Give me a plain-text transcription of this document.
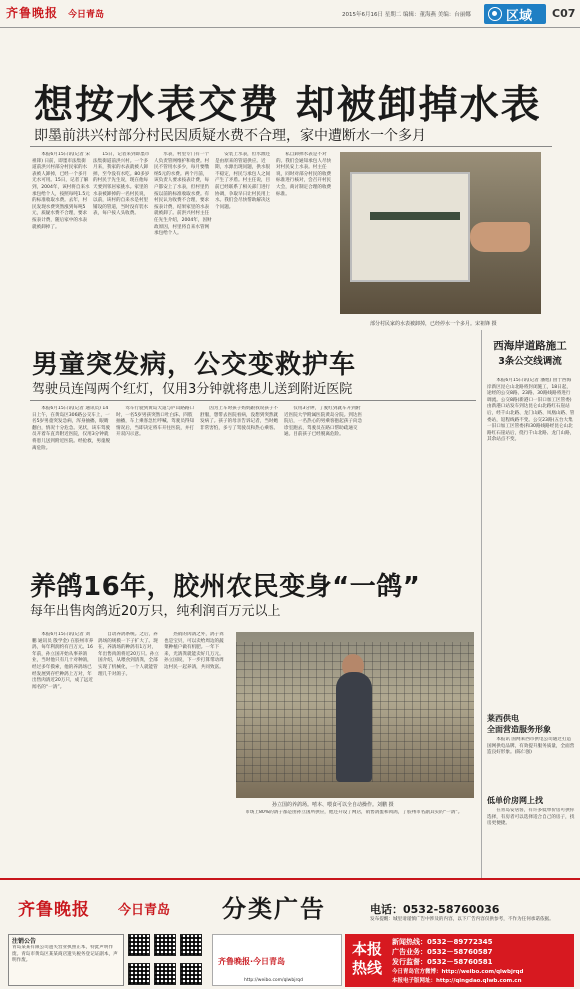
齐鲁晚报 今日青岛	2015年6月16日 星期二 编辑：董海燕 美编：台丽娜	区域 C07
想按水表交费 却被卸掉水表
即墨前洪兴村部分村民因质疑水费不合理，家中遭断水一个多月

本报6月15日讯(记者 宋祖锋) 日前，即墨市法集街道前洪兴村部分村民家的水表被人卸掉，已经一个多月无水可用。15日，记者了解到，2004年，该村将自来水承包给个人，按照每吨1.5元的标准收取水费。去年，村民发现水费突然涨到每吨5元，质疑水费不合理，要求按表计费，随后家中的水表就被卸掉了。

15日，记者来到即墨市法集街道前洪兴村。一个多月来，我家的水表就被人卸掉，至今没有水吃。80多岁的村民于先生说，现在他每天要到邻居家挑水。家里的水表被卸掉的一名村民说，以前，该村的自来水是村里铺设的管道，当时没有装水表，每户按人头收费。

水表，村里专门有一个人负责管网维护和收费。村民不管用水多少，每月要缴纳5元的水费。两个月前，该负责人要求按表计费，每户都安上了水表，但村里仍按以前的标准收取水费。有村民认为收费不合理，要求按表计费，结果家里的水表就被卸了。前洪兴村村主任任先生介绍，2004年，因财政原因，村里将自来水管网承包给个人。

安装上水表，但水源还是由原来的管道供应。近期，水源出现问题，供水很不稳定，村民与承包人之间产生了矛盾。村主任说，目前已经联系了相关部门进行协调，争取早日让村民用上水。我们会尽快帮助解决这个问题。

私自卸掉水表是不对的。我们会通知承包人尽快对村民安上水表。村主任说，同时对部分村民的收费标准进行核对，会召开村民大会，商讨制定合理的收费标准。

部分村民家的水表被卸掉，已经停水一个多月。宋祖锋 摄
男童突发病，公交变救护车
驾驶员连闯两个红灯，仅用3分钟就将患儿送到附近医院

本报6月15日讯(记者 通讯员) 14日上午，在黄岛区306路公交车上，一名5岁男童突发急病，浑身抽搐，眼睛翻白，情况十分危急。见状，该车驾驶员开着车直奔附近医院，仅用3分钟就将患儿送到附近医院。经抢救，男童脱离危险。

驾车行驶到黄岛大道与庐山路路口时，一名5岁男孩突然口吐白沫、四肢抽搐，车上乘客急忙呼喊。驾驶员得知情况后，当即决定将车开往医院，并打开双闪示意。

因为上车时孩子妈妈跟我说孩子不舒服，想带去医院看病，没想到突然就发病了。孩子的母亲告诉记者，当时她非常害怕，多亏了驾驶员和热心乘客。

仅用3分钟，了驶红到就车开到附近医院大学附属医院黄岛分院。到达医院后，一名热心的男乘客抱起孩子向急诊室跑去，驾驶员在路口帮助疏通交通。目前孩子已经脱离危险。

西海岸道路施工
3条公交线调流

本报6月15日讯(记者 潘旭) 由于西海岸新区昆仑山北路将封闭施工，18日起，途经的公交8路、23路、30路线路将进行调流。公交8路(新港口一旧口加工区管委)由新港口站发车到达昆仑山北路红石崖站后，经千山北路、龙门山路、凤凰山路、管委站，返程线路不变。公交23路(五台大集一旧口加工区管委)和30路线路经昆仑山北路红石崖站后，绕行千山北路、龙门山路，其余站点不变。

莱西供电
全面营造服务形象

本报讯 国网莱西市供电公司通过打造国网供电品牌，有效提升服务质量，全面营造良好形象。(陈仁强)

低单价房网上找

在青岛安居客，有许多低单价房可供你选择，有房者可以选择适合自己的房子，找房更便捷。

养鸽16年，胶州农民变身“一鸽”
每年出售肉鸽近20万只，纯利润百万元以上

本报6月15日讯(记者 刘鹏 通讯员 殷学金) 在胶州市养鸽，每年利润约有百万元。16年前，孙立国开始从事养鸽业，当时他只有几十对种鸽，经过多年摸索，他的养鸽场已经发展到存栏种鸽上万对，年出售肉鸽近20万只，成了远近闻名的“一鸽”。

自动养鸽系统。之后，养鸽场的规模一下子扩大了。现在，养鸽场的种鸽有1万对，年出售肉鸽将近20万只。孙立国介绍，从喂食到清粪，全部实现了机械化，一个人就能管理几千对鸽子。

热销的肉鸽之外，鸽子粪也是宝贝，可以卖给周边的蔬菜种植户做有机肥。一年下来，光鸽粪就能卖好几万元。孙立国说，下一步打算带动周边村民一起养鸽，共同致富。

市场上80%的鸽子都是由孙立国所供应，他还开设了网店，销售鸽蛋和肉鸽，了胶州市名副其实的“一鸽”。

孙立国的养鸽场。嘻本、喂食可以全自动操作。刘鹏 摄
齐鲁晚报 今日青岛 分类广告	电话：0532-58760036
发布提醒：城里请谨慎广告中涉及的内容，以下广告内容仅供参考，不作为任何承诺依据。
注销公告
青岛某某有限公司遗失营业执照正本，特此声明作废。青岛市黄岛区某某商店遗失税务登记证副本，声明作废。	齐鲁晚报·今日青岛
http://weibo.com/qlwbjrqd
本报热线
新闻热线：0532－89772345
广告业务：0532－58760587
发行监督：0532－58760581
今日青岛官方微博：http://weibo.com/qlwbjrqd
本报电子版网址：http://qingdao.qlwb.com.cn
